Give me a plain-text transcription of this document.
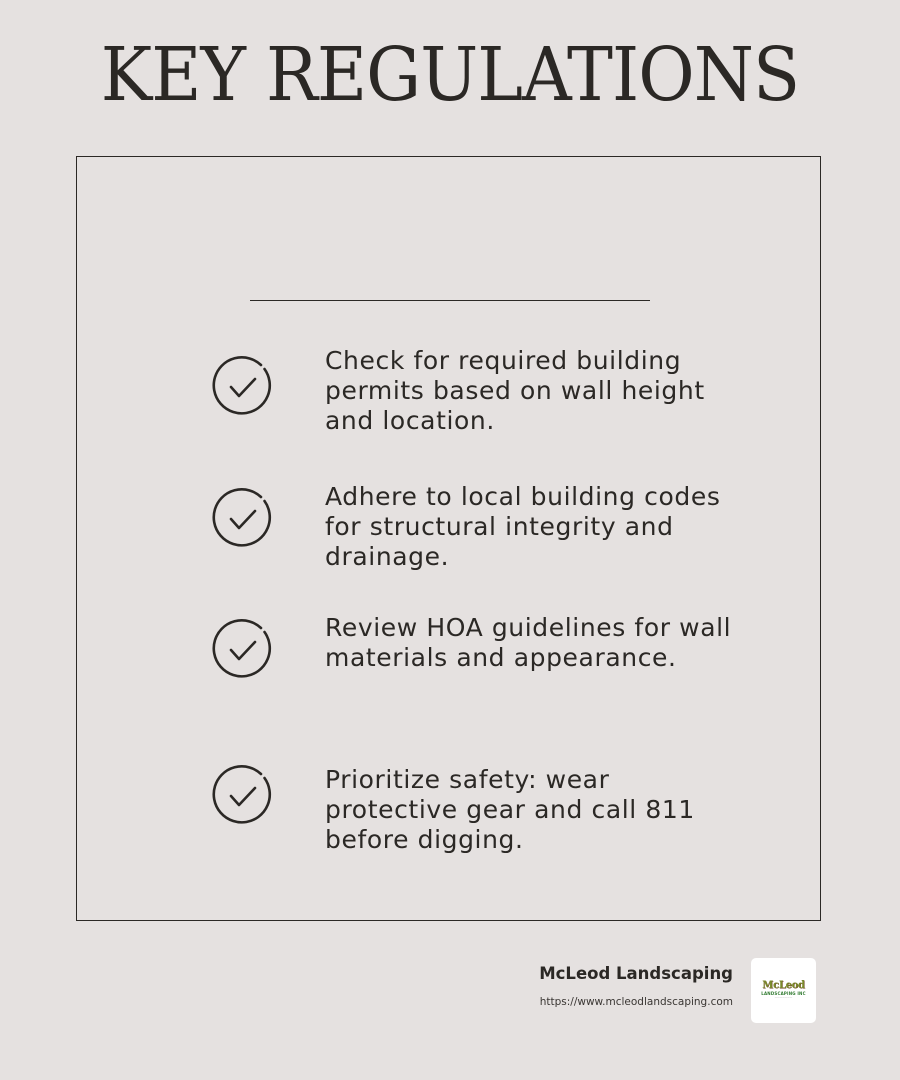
KEY REGULATIONS
Check for required building permits based on wall height and location.
Adhere to local building codes for structural integrity and drainage.
Review HOA guidelines for wall materials and appearance.
Prioritize safety: wear protective gear and call 811 before digging.
McLeod Landscaping
https://www.mcleodlandscaping.com
McLeod
LANDSCAPING INC
———————
